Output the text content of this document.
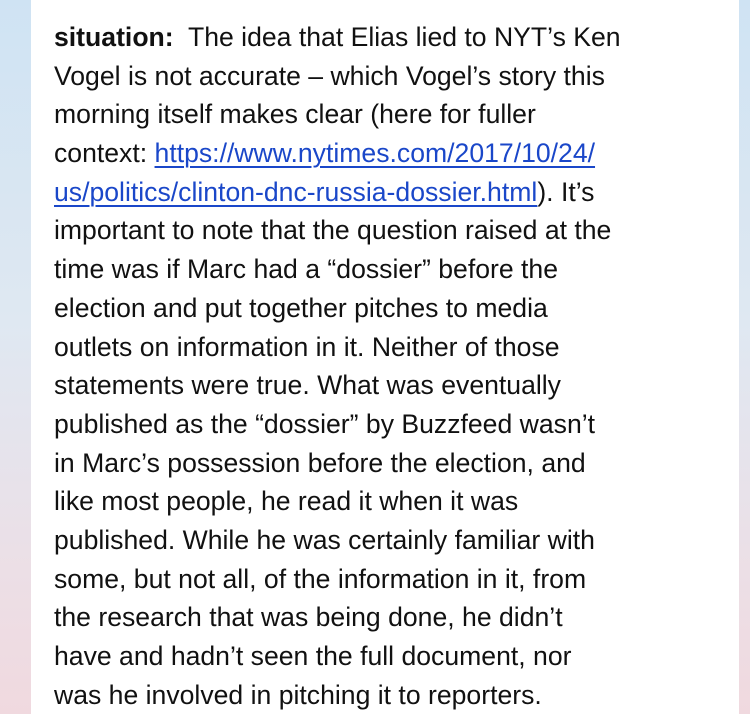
situation: The idea that Elias lied to NYT’s Ken
Vogel is not accurate – which Vogel’s story this
morning itself makes clear (here for fuller
context: https://www.nytimes.com/2017/10/24/
us/politics/clinton-dnc-russia-dossier.html). It’s
important to note that the question raised at the
time was if Marc had a “dossier” before the
election and put together pitches to media
outlets on information in it. Neither of those
statements were true. What was eventually
published as the “dossier” by Buzzfeed wasn’t
in Marc’s possession before the election, and
like most people, he read it when it was
published. While he was certainly familiar with
some, but not all, of the information in it, from
the research that was being done, he didn’t
have and hadn’t seen the full document, nor
was he involved in pitching it to reporters.
